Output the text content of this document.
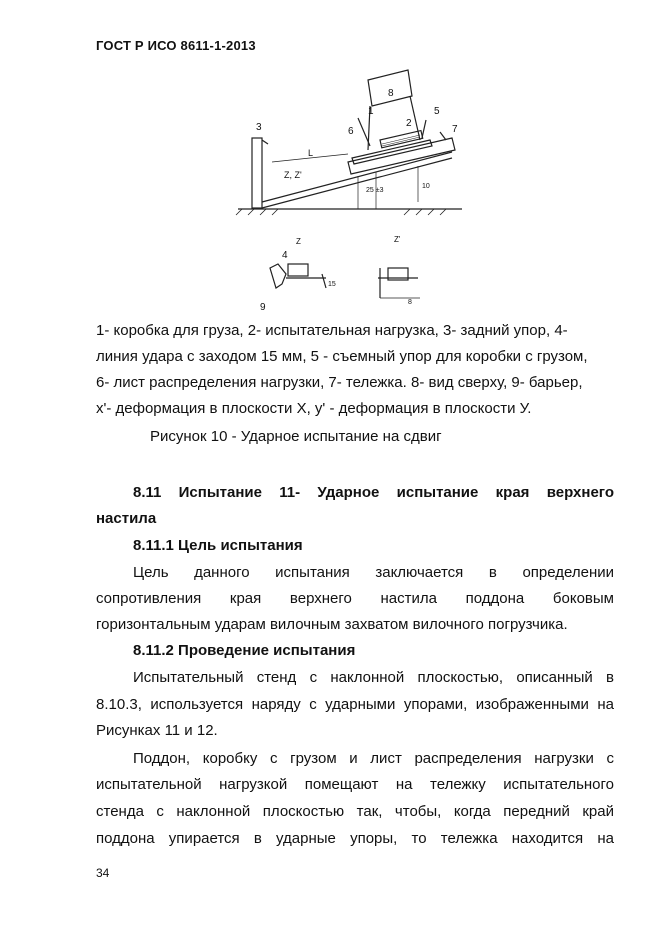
ГОСТ Р ИСО 8611-1-2013
3
1	5
6
2
7
8
L
Z, Z'
25 ±3
10
Z	Z'
4
9
15
8
1- коробка для груза, 2- испытательная нагрузка, 3- задний упор, 4-
линия удара с заходом 15 мм, 5 - съемный упор для коробки с грузом,
6- лист распределения нагрузки, 7- тележка. 8- вид сверху, 9- барьер,
x'- деформация в плоскости Х, у' - деформация в плоскости У.
Рисунок 10 - Ударное испытание на сдвиг
8.11 Испытание 11- Ударное испытание края верхнего
настила
8.11.1 Цель испытания
Цель данного испытания заключается в определении
сопротивления края верхнего настила поддона боковым
горизонтальным ударам вилочным захватом вилочного погрузчика.
8.11.2 Проведение испытания
Испытательный стенд с наклонной плоскостью, описанный в
8.10.3, используется наряду с ударными упорами, изображенными на
Рисунках 11 и 12.
Поддон, коробку с грузом и лист распределения нагрузки с
испытательной нагрузкой помещают на тележку испытательного
стенда с наклонной плоскостью так, чтобы, когда передний край
поддона упирается в ударные упоры, то тележка находится на
34
